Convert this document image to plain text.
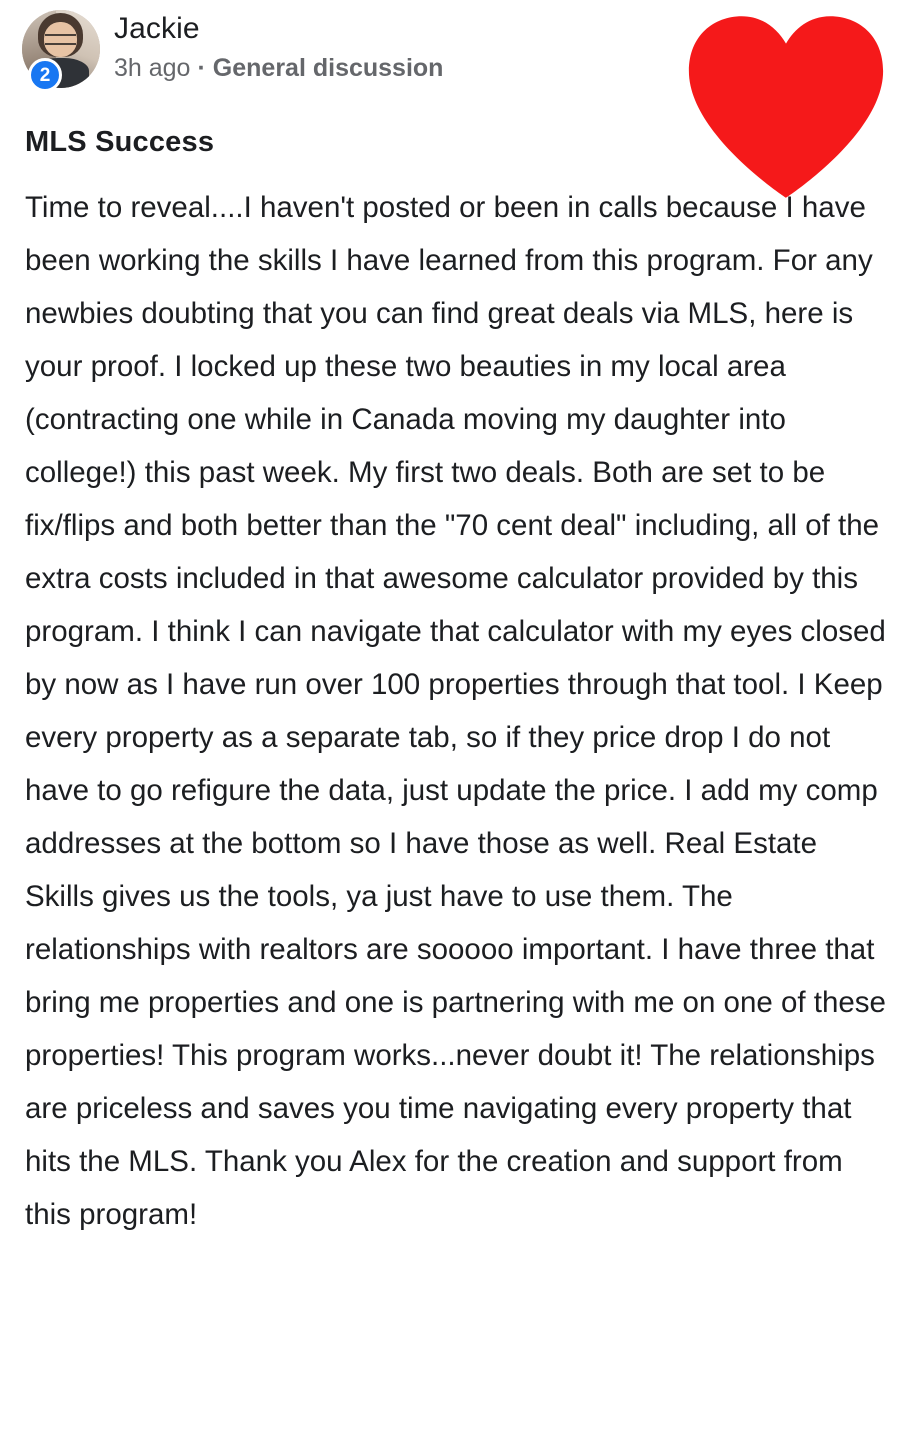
2
Jackie
3h ago · General discussion
MLS Success
Time to reveal....I haven't posted or been in calls because I have been working the skills I have learned from this program. For any newbies doubting that you can find great deals via MLS, here is your proof. I locked up these two beauties in my local area (contracting one while in Canada moving my daughter into college!) this past week. My first two deals. Both are set to be fix/flips and both better than the "70 cent deal" including, all of the extra costs included in that awesome calculator provided by this program. I think I can navigate that calculator with my eyes closed by now as I have run over 100 properties through that tool. I Keep every property as a separate tab, so if they price drop I do not have to go refigure the data, just update the price. I add my comp addresses at the bottom so I have those as well. Real Estate Skills gives us the tools, ya just have to use them. The relationships with realtors are sooooo important. I have three that bring me properties and one is partnering with me on one of these properties! This program works...never doubt it! The relationships are priceless and saves you time navigating every property that hits the MLS. Thank you Alex for the creation and support from this program!
